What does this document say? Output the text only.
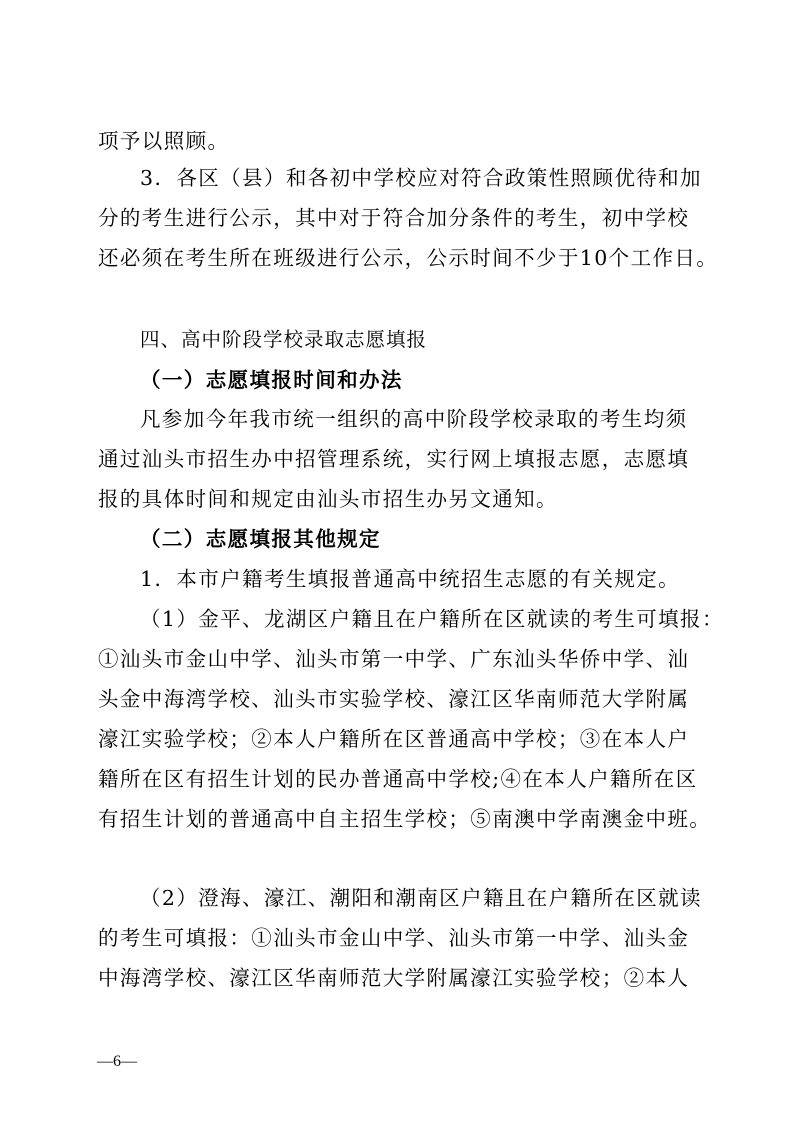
项予以照顾。
3．各区（县）和各初中学校应对符合政策性照顾优待和加
分的考生进行公示，其中对于符合加分条件的考生，初中学校
还必须在考生所在班级进行公示，公示时间不少于10个工作日。
四、高中阶段学校录取志愿填报
（一）志愿填报时间和办法
凡参加今年我市统一组织的高中阶段学校录取的考生均须
通过汕头市招生办中招管理系统，实行网上填报志愿，志愿填
报的具体时间和规定由汕头市招生办另文通知。
（二）志愿填报其他规定
1．本市户籍考生填报普通高中统招生志愿的有关规定。
（1）金平、龙湖区户籍且在户籍所在区就读的考生可填报：
①汕头市金山中学、汕头市第一中学、广东汕头华侨中学、汕
头金中海湾学校、汕头市实验学校、濠江区华南师范大学附属
濠江实验学校；②本人户籍所在区普通高中学校；③在本人户
籍所在区有招生计划的民办普通高中学校;④在本人户籍所在区
有招生计划的普通高中自主招生学校；⑤南澳中学南澳金中班。
（2）澄海、濠江、潮阳和潮南区户籍且在户籍所在区就读
的考生可填报：①汕头市金山中学、汕头市第一中学、汕头金
中海湾学校、濠江区华南师范大学附属濠江实验学校；②本人
—6—
